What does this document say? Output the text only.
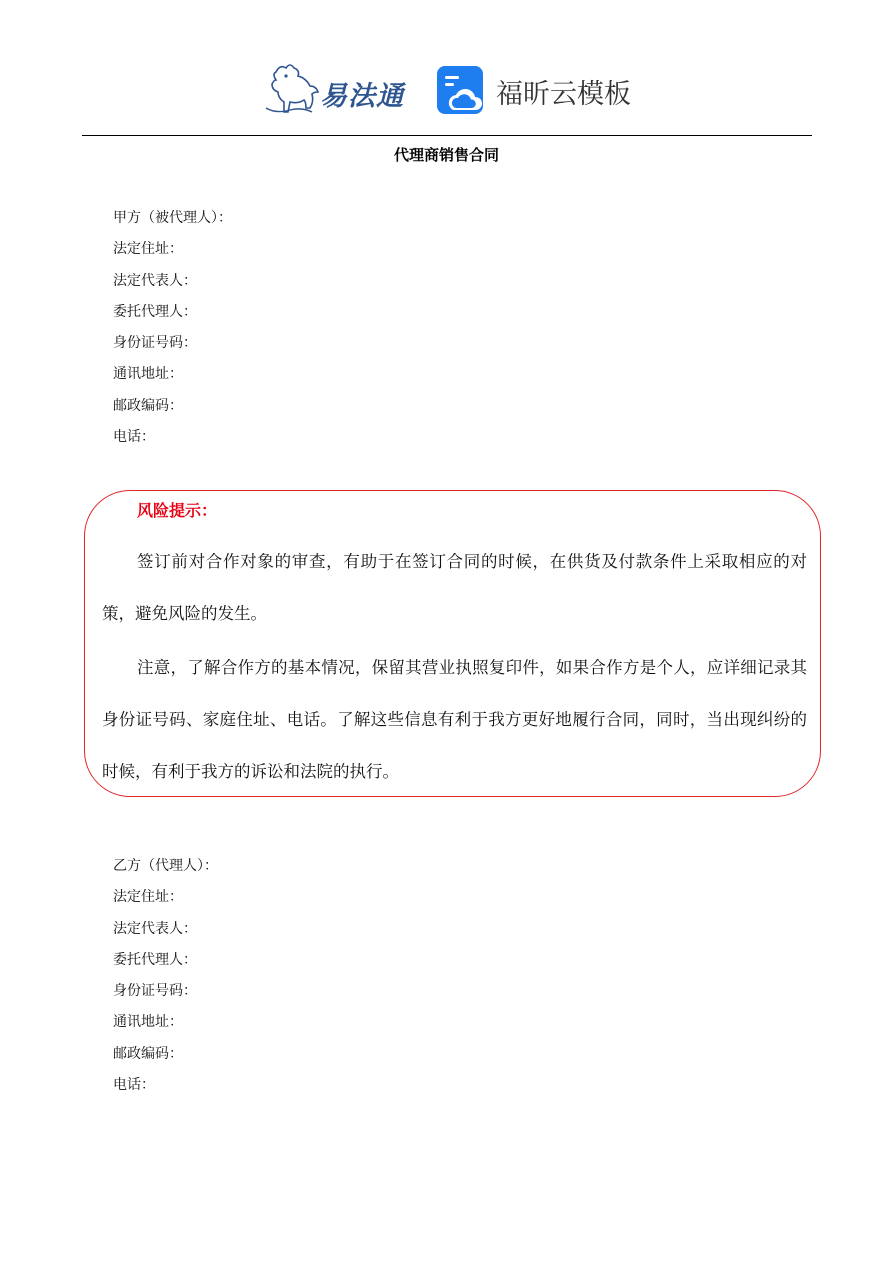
易法通	福昕云模板
代理商销售合同
甲方（被代理人）：
法定住址：
法定代表人：
委托代理人：
身份证号码：
通讯地址：
邮政编码：
电话：
风险提示：

签订前对合作对象的审查，有助于在签订合同的时候，在供货及付款条件上采取相应的对策，避免风险的发生。

注意，了解合作方的基本情况，保留其营业执照复印件，如果合作方是个人，应详细记录其身份证号码、家庭住址、电话。了解这些信息有利于我方更好地履行合同，同时，当出现纠纷的时候，有利于我方的诉讼和法院的执行。

乙方（代理人）：
法定住址：
法定代表人：
委托代理人：
身份证号码：
通讯地址：
邮政编码：
电话：
